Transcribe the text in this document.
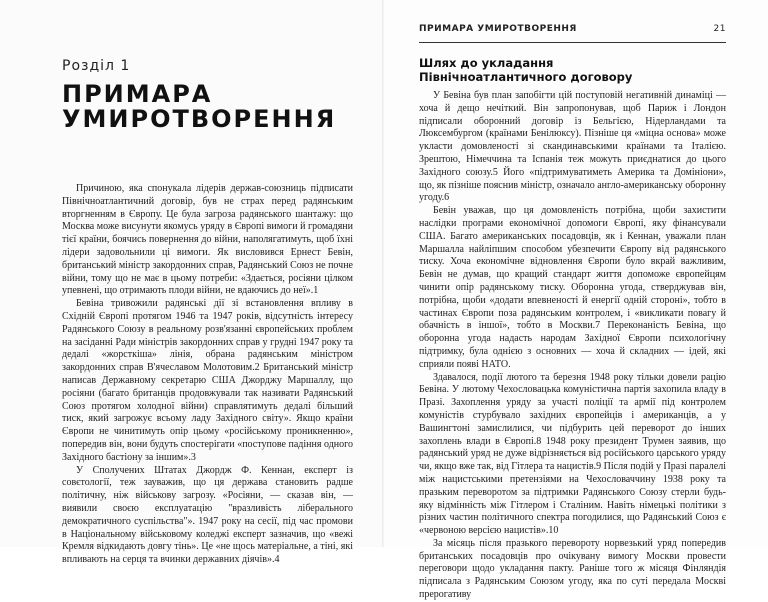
Розділ 1
ПРИМАРА
УМИРОТВОРЕННЯ

Причиною, яка спонукала лідерів держав-союзниць підписати Північноатлантичний договір, був не страх перед радянським вторгненням в Європу. Це була загроза радянського шантажу: що Москва може висунути якомусь уряду в Європі вимоги й громадяни тієї країни, боячись повернення до війни, наполягатимуть, щоб їхні лідери задовольнили ці вимоги. Як висловився Ернест Бевін, британський міністр закордонних справ, Радянський Союз не почне війни, тому що не має в цьому потреби: «Здається, росіяни цілком упевнені, що отримають плоди війни, не вдаючись до неї».1

Бевіна тривожили радянські дії зі встановлення впливу в Східній Європі протягом 1946 та 1947 років, відсутність інтересу Радянського Союзу в реальному розв'язанні європейських проблем на засіданні Ради міністрів закордонних справ у грудні 1947 року та дедалі «жорсткіша» лінія, обрана радянським міністром закордонних справ В'ячеславом Молотовим.2 Британський міністр написав Державному секретарю США Джорджу Маршаллу, що росіяни (багато британців продовжували так називати Радянський Союз протягом холодної війни) справлятимуть дедалі більший тиск, який загрожує всьому ладу Західного світу». Якщо країни Європи не чинитимуть опір цьому «російському проникненню», попередив він, вони будуть спостерігати «поступове падіння одного Західного бастіону за іншим».3

У Сполучених Штатах Джордж Ф. Кеннан, експерт із совєтології, теж зауважив, що ця держава становить радше політичну, ніж військову загрозу. «Росіяни, — сказав він, — виявили своєю експлуатацію "вразливість ліберального демократичного суспільства"». 1947 року на сесії, під час промови в Національному військовому коледжі експерт зазначив, що «вежі Кремля відкидають довгу тінь». Це «не щось матеріальне, а тіні, які впливають на серця та вчинки державних діячів».4

ПРИМАРА УМИРОТВОРЕННЯ	21
Шлях до укладання
Північноатлантичного договору

У Бевіна був план запобігти цій поступовій негативній динаміці — хоча й дещо нечіткий. Він запропонував, щоб Париж і Лондон підписали оборонний договір із Бельгією, Нідерландами та Люксембургом (країнами Бенілюксу). Пізніше ця «міцна основа» може укласти домовленості зі скандинавськими країнами та Італією. Зрештою, Німеччина та Іспанія теж можуть приєднатися до цього Західного союзу.5 Його «підтримуватиметь Америка та Домініони», що, як пізніше пояснив міністр, означало англо-американську оборонну угоду.6

Бевін уважав, що ця домовленість потрібна, щоби захистити наслідки програми економічної допомоги Європі, яку фінансували США. Багато американських посадовців, як і Кеннан, уважали план Маршалла найліпшим способом убезпечити Європу від радянського тиску. Хоча економічне відновлення Європи було вкрай важливим, Бевін не думав, що кращий стандарт життя допоможе європейцям чинити опір радянському тиску. Оборонна угода, стверджував він, потрібна, щоби «додати впевненості й енергії одній стороні», тобто в частинах Європи поза радянським контролем, і «викликати повагу й обачність в іншої», тобто в Москви.7 Переконаність Бевіна, що оборонна угода надасть народам Західної Європи психологічну підтримку, була однією з основних — хоча й складних — ідей, які сприяли появі НАТО.

Здавалося, події лютого та березня 1948 року тільки довели рацію Бевіна. У лютому Чехословацька комуністична партія захопила владу в Празі. Захоплення уряду за участі поліції та армії під контролем комуністів стурбувало західних європейців і американців, а у Вашингтоні замислилися, чи підбурить цей переворот до інших захоплень влади в Європі.8 1948 року президент Трумен заявив, що радянський уряд не дуже відрізняється від російського царського уряду чи, якщо вже так, від Гітлера та нацистів.9 Після подій у Празі паралелі між нацистськими претензіями на Чехословаччину 1938 року та празьким переворотом за підтримки Радянського Союзу стерли будь-яку відмінність між Гітлером і Сталіним. Навіть німецькі політики з різних частин політичного спектра погодилися, що Радянський Союз є «червоною версією нацистів».10

За місяць після празького перевороту норвезький уряд попередив британських посадовців про очікувану вимогу Москви провести переговори щодо укладання пакту. Раніше того ж місяця Фінляндія підписала з Радянським Союзом угоду, яка по суті передала Москві прерогативу
